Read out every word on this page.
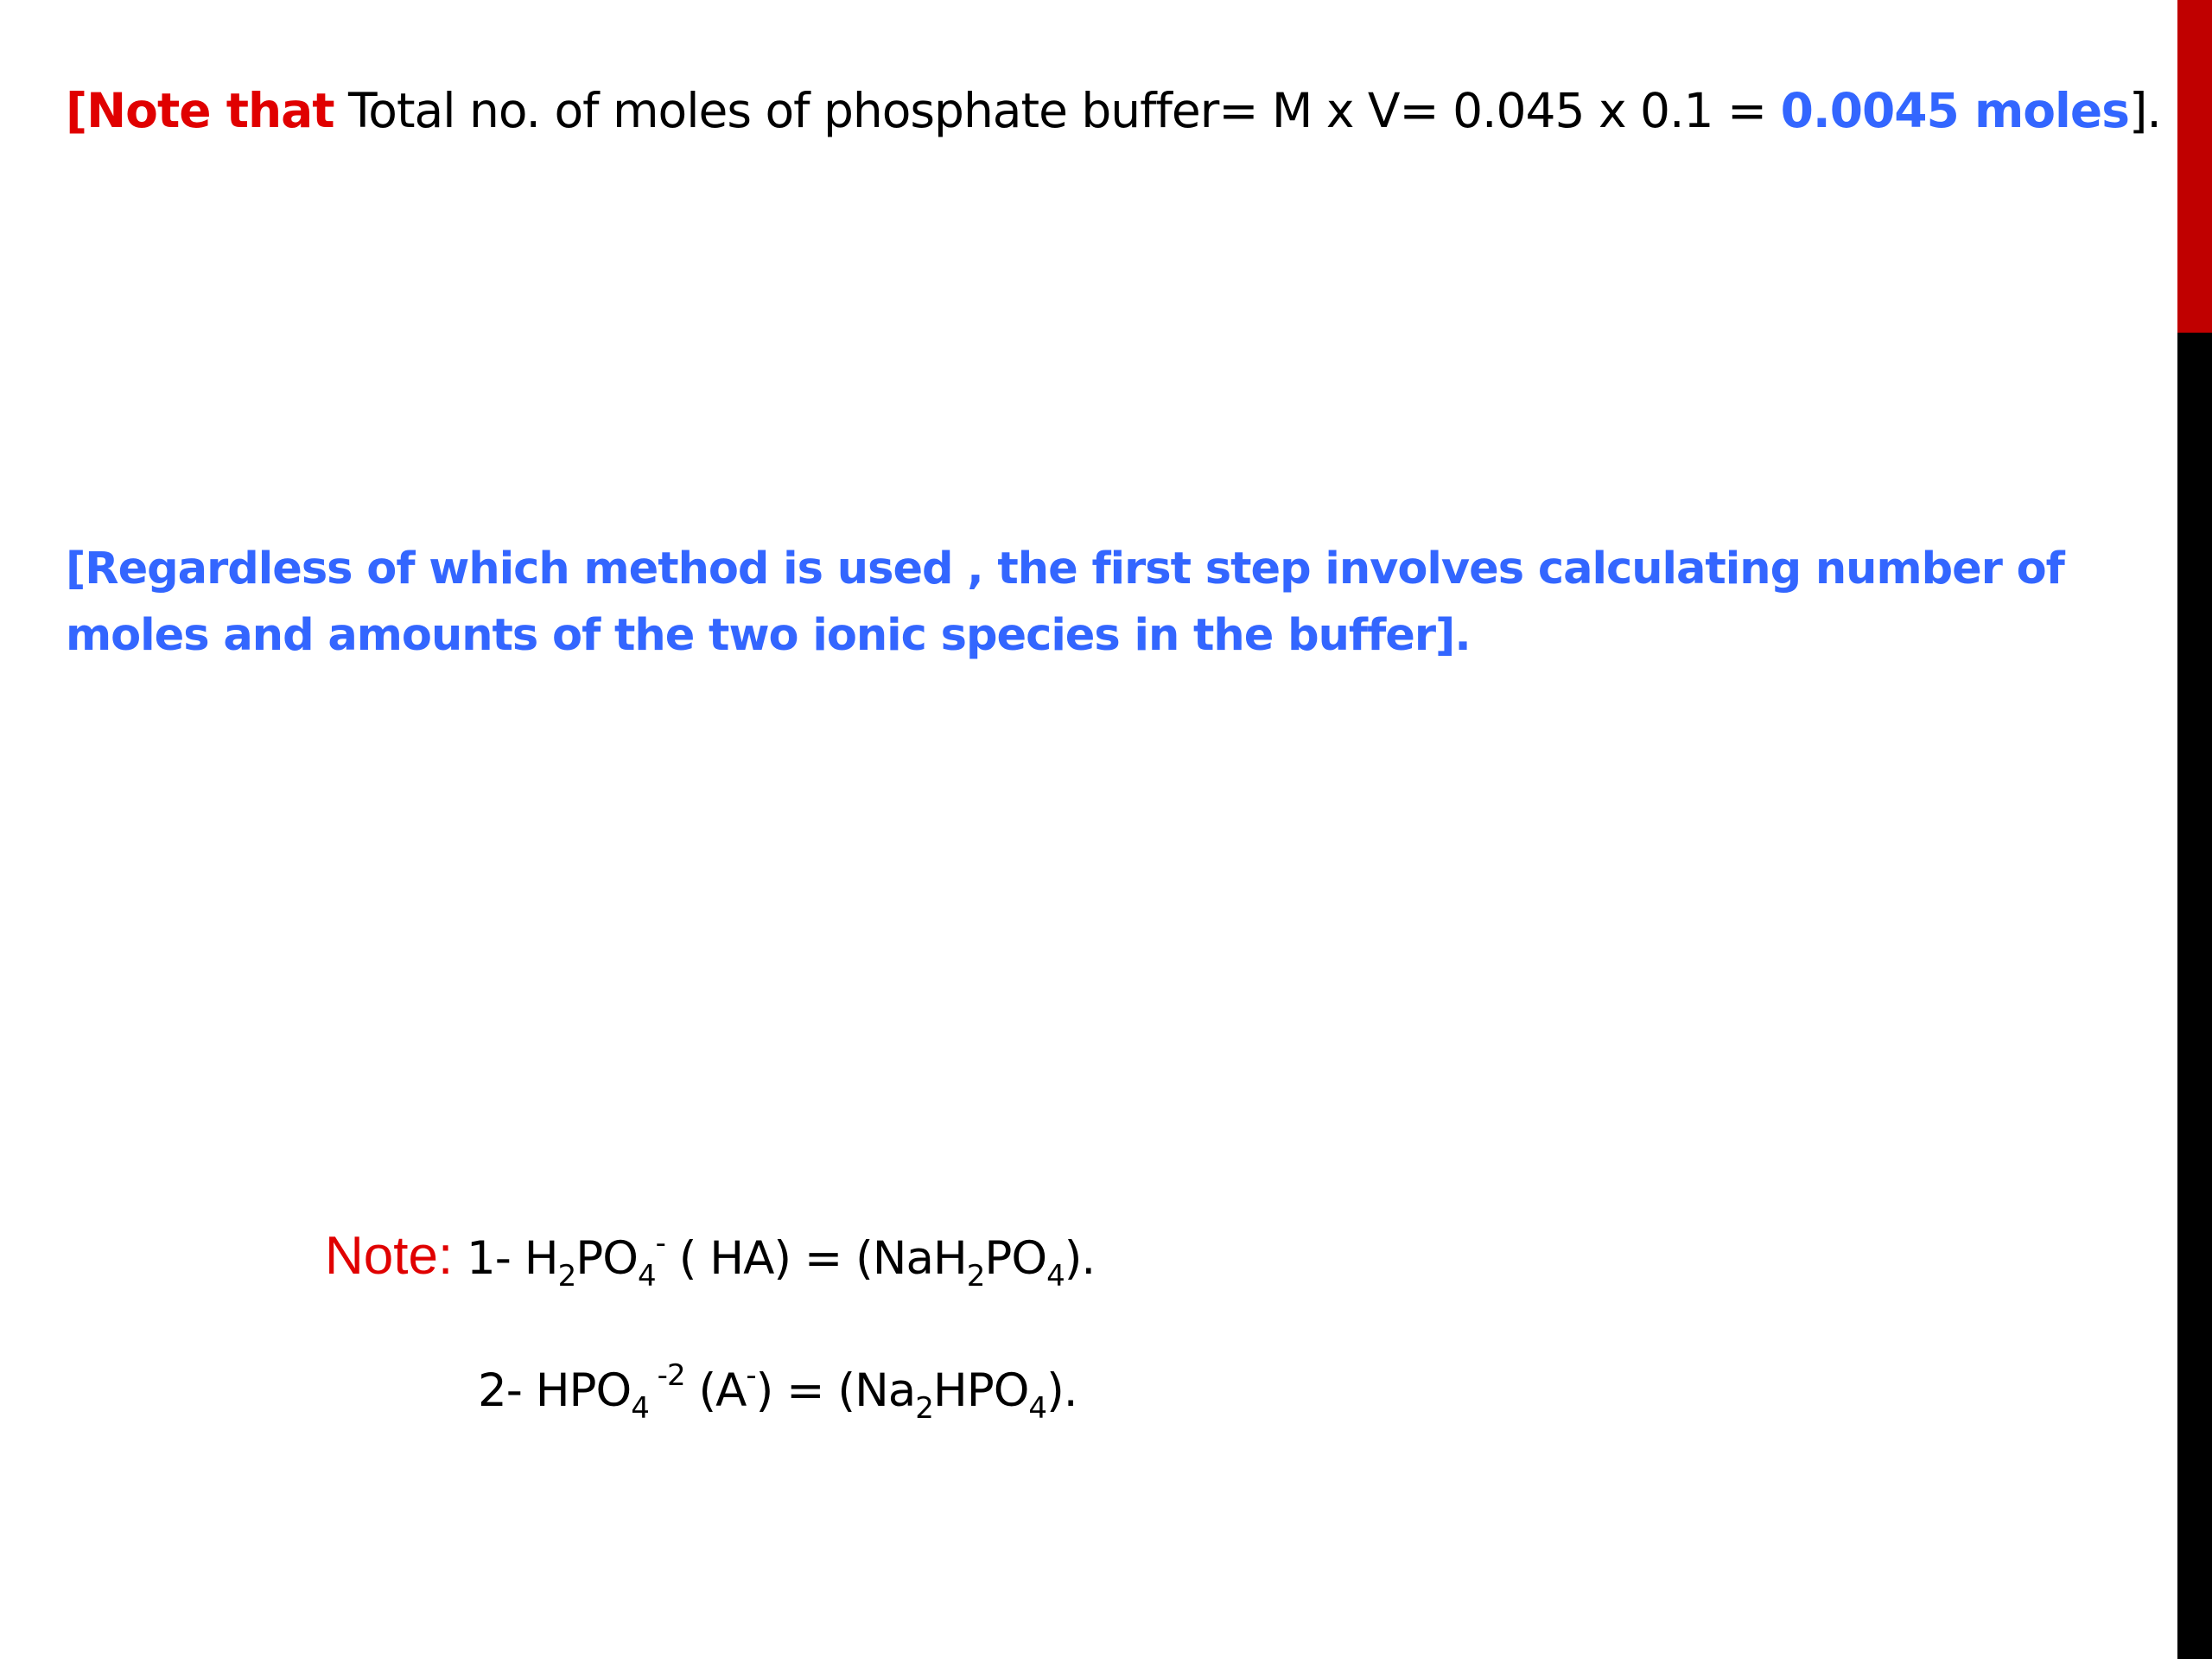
[Note that Total no. of moles of phosphate buffer= M x V= 0.045 x 0.1 = 0.0045 moles].
[Regardless of which method is used , the first step involves calculating number of moles and amounts of the two ionic species in the buffer].
Note: 1- $H_2PO_4^-$ ( $HA) = (NaH_2PO_4)$.
2- $HPO_4$ $^{-2}$ $(A^-) = (Na_2HPO_4)$.
